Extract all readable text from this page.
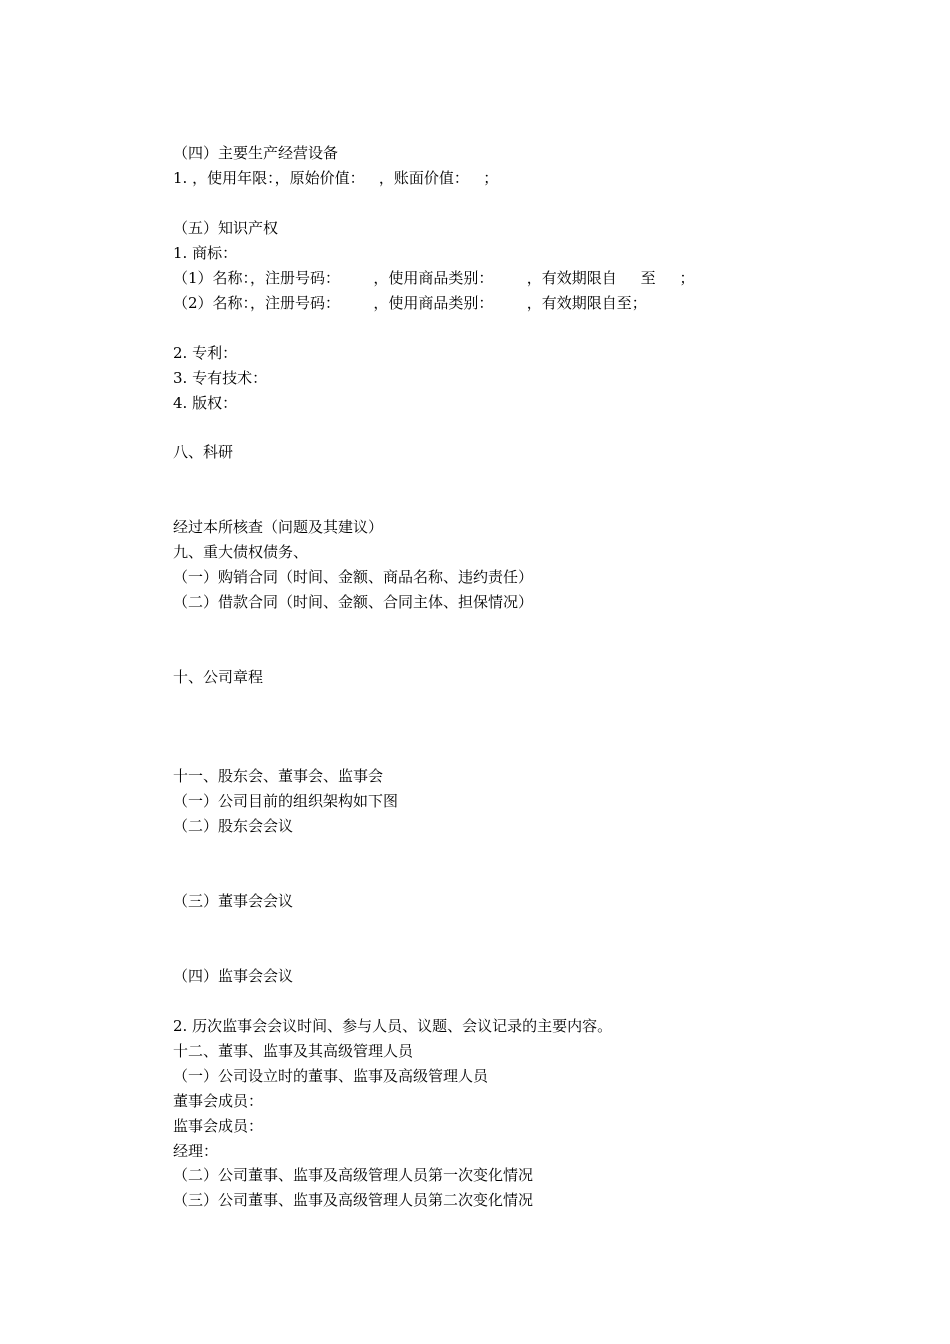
（四）主要生产经营设备
1. ，使用年限：，原始价值：   ，账面价值：   ；
（五）知识产权
1. 商标：
（1）名称：，注册号码：       ，使用商品类别：       ，有效期限自     至     ；
（2）名称：，注册号码：       ，使用商品类别：       ，有效期限自至；
2. 专利：
3. 专有技术：
4. 版权：
八、科研
经过本所核查（问题及其建议）
九、重大债权债务、
（一）购销合同（时间、金额、商品名称、违约责任）
（二）借款合同（时间、金额、合同主体、担保情况）
十、公司章程
十一、股东会、董事会、监事会
（一）公司目前的组织架构如下图
（二）股东会会议
（三）董事会会议
（四）监事会会议
2. 历次监事会会议时间、参与人员、议题、会议记录的主要内容。
十二、董事、监事及其高级管理人员
（一）公司设立时的董事、监事及高级管理人员
董事会成员：
监事会成员：
经理：
（二）公司董事、监事及高级管理人员第一次变化情况
（三）公司董事、监事及高级管理人员第二次变化情况
